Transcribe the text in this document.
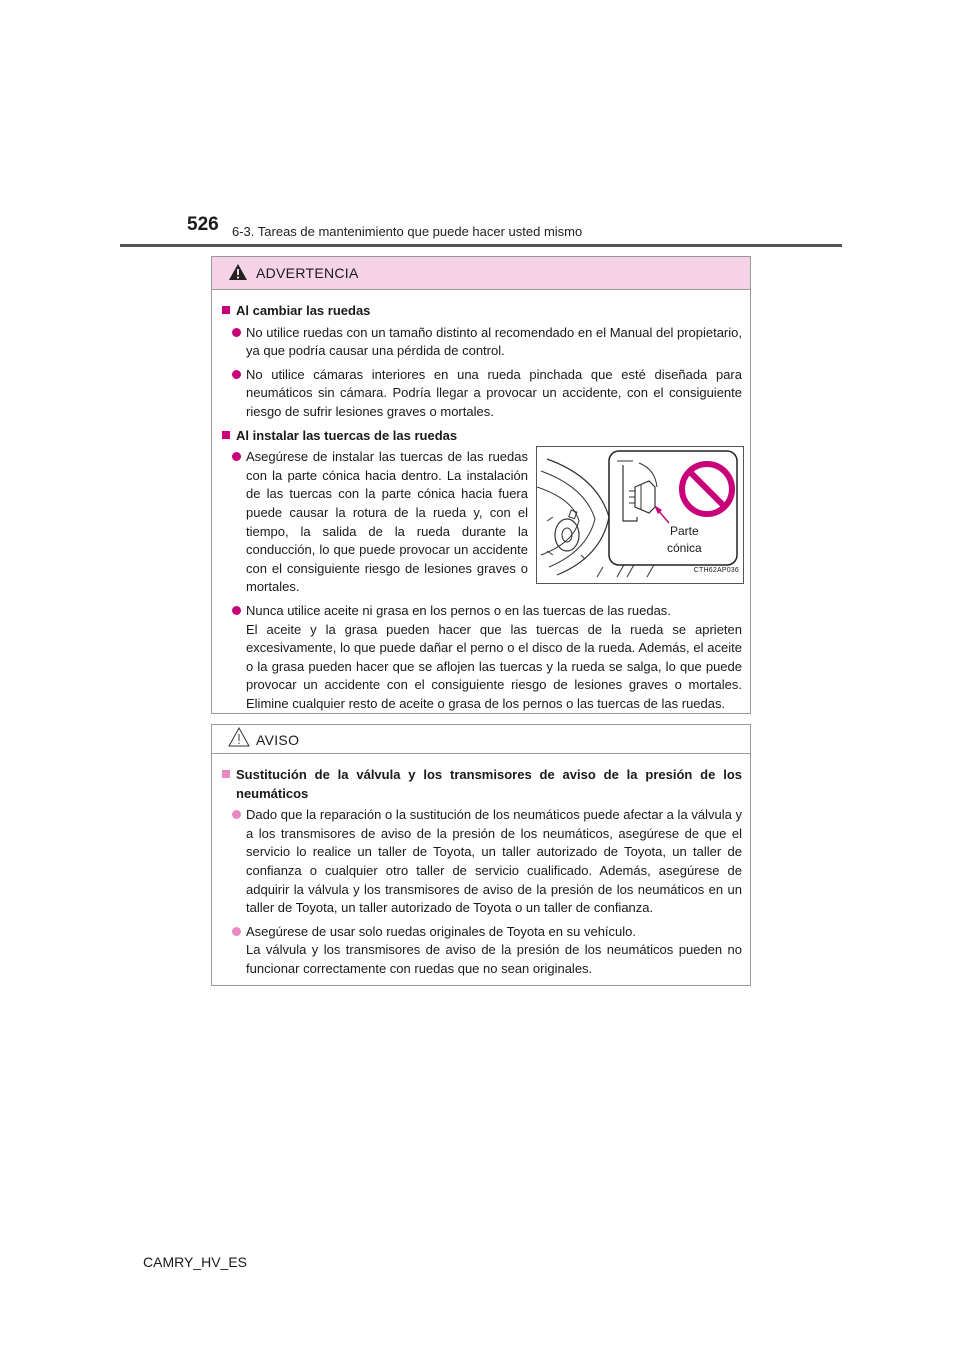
526 6-3. Tareas de mantenimiento que puede hacer usted mismo
ADVERTENCIA
Al cambiar las ruedas
No utilice ruedas con un tamaño distinto al recomendado en el Manual del propietario, ya que podría causar una pérdida de control.
No utilice cámaras interiores en una rueda pinchada que esté diseñada para neumáticos sin cámara. Podría llegar a provocar un accidente, con el consiguiente riesgo de sufrir lesiones graves o mortales.
Al instalar las tuercas de las ruedas
Asegúrese de instalar las tuercas de las ruedas con la parte cónica hacia dentro. La instalación de las tuercas con la parte cónica hacia fuera puede causar la rotura de la rueda y, con el tiempo, la salida de la rueda durante la conducción, lo que puede provocar un accidente con el consiguiente riesgo de lesiones graves o mortales.
Parte
cónica
CTH62AP036

Nunca utilice aceite ni grasa en los pernos o en las tuercas de las ruedas.

El aceite y la grasa pueden hacer que las tuercas de la rueda se aprieten excesivamente, lo que puede dañar el perno o el disco de la rueda. Además, el aceite o la grasa pueden hacer que se aflojen las tuercas y la rueda se salga, lo que puede provocar un accidente con el consiguiente riesgo de lesiones graves o mortales. Elimine cualquier resto de aceite o grasa de los pernos o las tuercas de las ruedas.

AVISO
Sustitución de la válvula y los transmisores de aviso de la presión de los neumáticos
Dado que la reparación o la sustitución de los neumáticos puede afectar a la válvula y a los transmisores de aviso de la presión de los neumáticos, asegúrese de que el servicio lo realice un taller de Toyota, un taller autorizado de Toyota, un taller de confianza o cualquier otro taller de servicio cualificado. Además, asegúrese de adquirir la válvula y los transmisores de aviso de la presión de los neumáticos en un taller de Toyota, un taller autorizado de Toyota o un taller de confianza.

Asegúrese de usar solo ruedas originales de Toyota en su vehículo.

La válvula y los transmisores de aviso de la presión de los neumáticos pueden no funcionar correctamente con ruedas que no sean originales.

CAMRY_HV_ES
